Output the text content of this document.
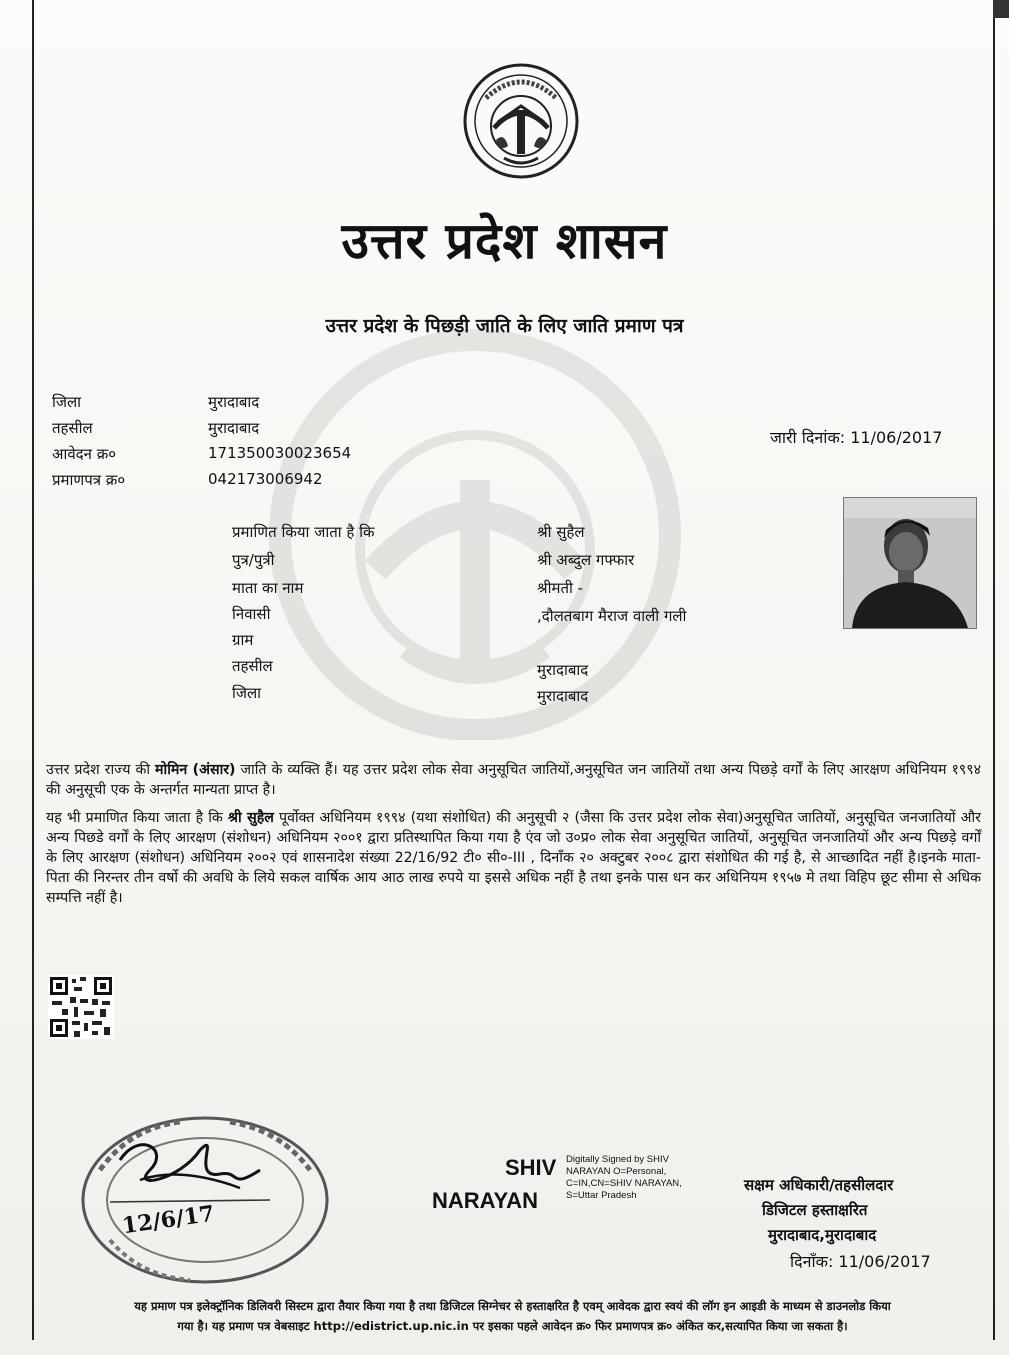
उत्तर प्रदेश शासन
उत्तर प्रदेश के पिछड़ी जाति के लिए जाति प्रमाण पत्र
जिला	मुरादाबाद
तहसील	मुरादाबाद
आवेदन क्र०	171350030023654
प्रमाणपत्र क्र०	042173006942
जारी दिनांक: 11/06/2017
प्रमाणित किया जाता है कि	श्री सुहैल
पुत्र/पुत्री	श्री अब्दुल गफ्फार
माता का नाम	श्रीमती -
निवासी	,दौलतबाग मैराज वाली गली
ग्राम
तहसील	मुरादाबाद
जिला	मुरादाबाद
उत्तर प्रदेश राज्य की मोमिन (अंसार) जाति के व्यक्ति हैं। यह उत्तर प्रदेश लोक सेवा अनुसूचित जातियों,अनुसूचित जन जातियों तथा अन्य पिछड़े वर्गों के लिए आरक्षण अधिनियम १९९४ की अनुसूची एक के अन्तर्गत मान्यता प्राप्त है।
यह भी प्रमाणित किया जाता है कि श्री सुहैल पूर्वोक्त अधिनियम १९९४ (यथा संशोधित) की अनुसूची २ (जैसा कि उत्तर प्रदेश लोक सेवा)अनुसूचित जातियों, अनुसूचित जनजातियों और अन्य पिछडे वर्गों के लिए आरक्षण (संशोधन) अधिनियम २००१ द्वारा प्रतिस्थापित किया गया है एंव जो उ०प्र० लोक सेवा अनुसूचित जातियों, अनुसूचित जनजातियों और अन्य पिछड़े वर्गों के लिए आरक्षण (संशोधन) अधिनियम २००२ एवं शासनादेश संख्या 22/16/92 टी० सी०-III , दिनाँक २० अक्टुबर २००८ द्वारा संशोधित की गई है, से आच्छादित नहीं है।इनके माता-पिता की निरन्तर तीन वर्षो की अवधि के लिये सकल वार्षिक आय आठ लाख रुपये या इससे अधिक नहीं है तथा इनके पास धन कर अधिनियम १९५७ मे तथा विहिप छूट सीमा से अधिक सम्पत्ति नहीं है।
12/6/17
SHIV
NARAYAN
Digitally Signed by SHIV
NARAYAN O=Personal,
C=IN,CN=SHIV NARAYAN,
S=Uttar Pradesh
सक्षम अधिकारी/तहसीलदार
डिजिटल हस्ताक्षरित
मुरादाबाद,मुरादाबाद
दिनाँक: 11/06/2017
यह प्रमाण पत्र इलेक्ट्रॉनिक डिलिवरी सिस्टम द्वारा तैयार किया गया है तथा डिजिटल सिग्नेचर से हस्ताक्षरित है एवम् आवेदक द्वारा स्वयं की लॉग इन आइडी के माध्यम से डाउनलोड किया
गया है। यह प्रमाण पत्र वेबसाइट http://edistrict.up.nic.in पर इसका पहले आवेदन क्र० फिर प्रमाणपत्र क्र० अंकित कर,सत्यापित किया जा सकता है।
